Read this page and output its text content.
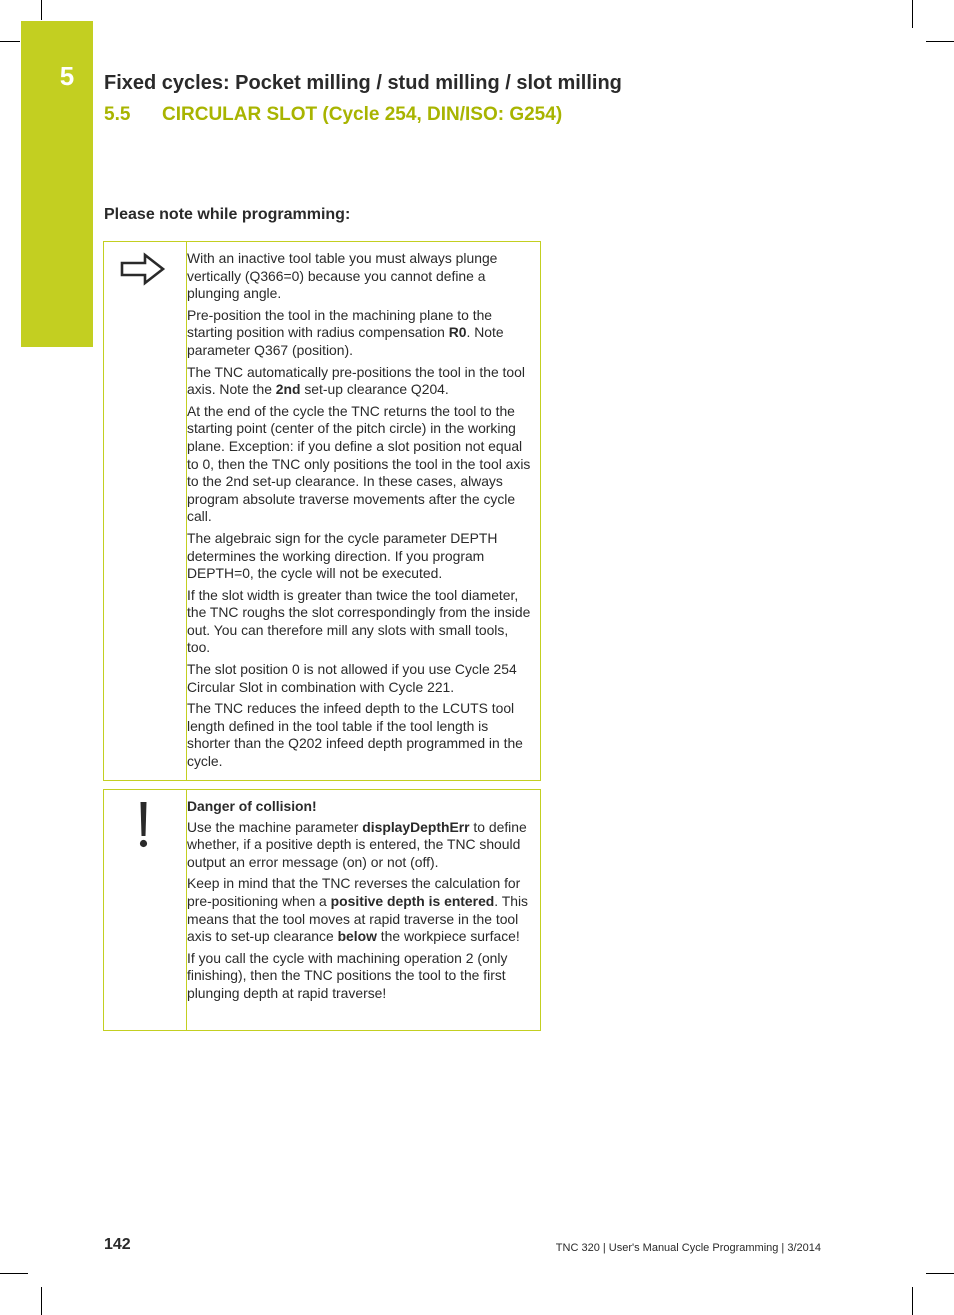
5	Fixed cycles: Pocket milling / stud milling / slot milling
5.5 CIRCULAR SLOT (Cycle 254, DIN/ISO: G254)
Please note while programming:

With an inactive tool table you must always plunge vertically (Q366=0) because you cannot define a plunging angle.

Pre-position the tool in the machining plane to the starting position with radius compensation R0. Note parameter Q367 (position).

The TNC automatically pre-positions the tool in the tool axis. Note the 2nd set-up clearance Q204.

At the end of the cycle the TNC returns the tool to the starting point (center of the pitch circle) in the working plane. Exception: if you define a slot position not equal to 0, then the TNC only positions the tool in the tool axis to the 2nd set-up clearance. In these cases, always program absolute traverse movements after the cycle call.

The algebraic sign for the cycle parameter DEPTH determines the working direction. If you program DEPTH=0, the cycle will not be executed.

If the slot width is greater than twice the tool diameter, the TNC roughs the slot correspondingly from the inside out. You can therefore mill any slots with small tools, too.

The slot position 0 is not allowed if you use Cycle 254 Circular Slot in combination with Cycle 221.

The TNC reduces the infeed depth to the LCUTS tool length defined in the tool table if the tool length is shorter than the Q202 infeed depth programmed in the cycle.

Danger of collision!

Use the machine parameter displayDepthErr to define whether, if a positive depth is entered, the TNC should output an error message (on) or not (off).

Keep in mind that the TNC reverses the calculation for pre-positioning when a positive depth is entered. This means that the tool moves at rapid traverse in the tool axis to set-up clearance below the workpiece surface!

If you call the cycle with machining operation 2 (only finishing), then the TNC positions the tool to the first plunging depth at rapid traverse!

142	TNC 320 | User's Manual Cycle Programming | 3/2014
